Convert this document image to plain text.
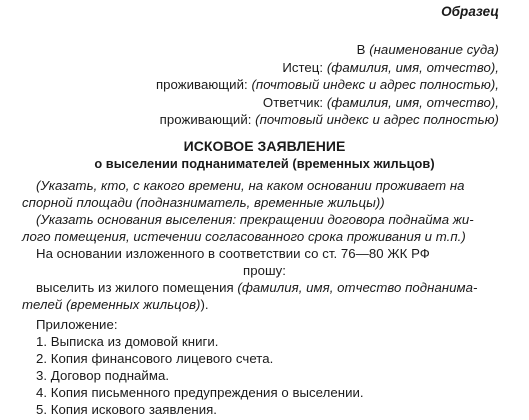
Образец
В (наименование суда)
Истец: (фамилия, имя, отчество),
проживающий: (почтовый индекс и адрес полностью),
Ответчик: (фамилия, имя, отчество),
проживающий: (почтовый индекс и адрес полностью)
ИСКОВОЕ ЗАЯВЛЕНИЕ
о выселении поднанимателей (временных жильцов)
(Указать, кто, с какого времени, на каком основании проживает на
спорной площади (подназниматель, временные жильцы))
(Указать основания выселения: прекращении договора поднайма жи-
лого помещения, истечении согласованного срока проживания и т.п.)
На основании изложенного в соответствии со ст. 76—80 ЖК РФ
прошу:
выселить из жилого помещения (фамилия, имя, отчество поднанима-
телей (временных жильцов)).
Приложение:
1. Выписка из домовой книги.
2. Копия финансового лицевого счета.
3. Договор поднайма.
4. Копия письменного предупреждения о выселении.
5. Копия искового заявления.
